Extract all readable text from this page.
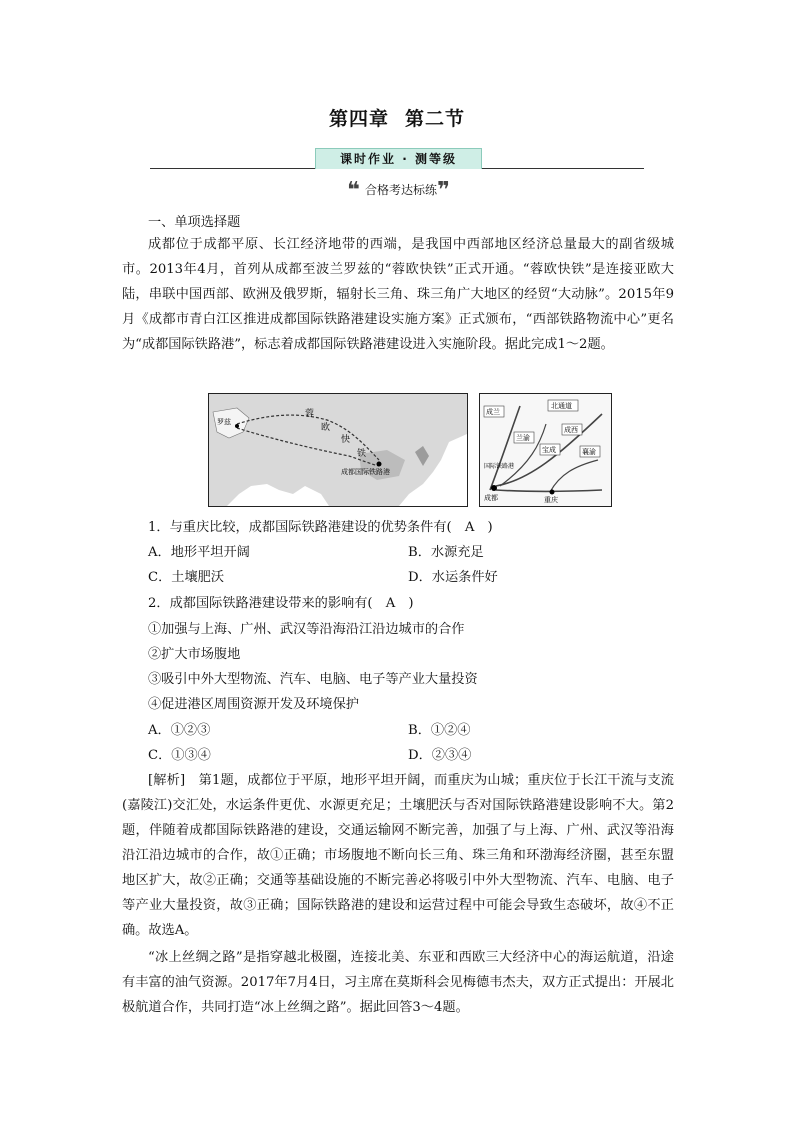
第四章 第二节
课时作业 · 测等级
❝ 合格考达标练❞
一、单项选择题

成都位于成都平原、长江经济地带的西端，是我国中西部地区经济总量最大的副省级城市。2013年4月，首列从成都至波兰罗兹的“蓉欧快铁”正式开通。“蓉欧快铁”是连接亚欧大陆，串联中国西部、欧洲及俄罗斯，辐射长三角、珠三角广大地区的经贸“大动脉”。2015年9月《成都市青白江区推进成都国际铁路港建设实施方案》正式颁布，“西部铁路物流中心”更名为“成都国际铁路港”，标志着成都国际铁路港建设进入实施阶段。据此完成1～2题。

蓉
欧
快
铁
成都国际铁路港
罗兹
成兰
北通道
兰渝
成西
宝成
国际铁路港
成都	重庆
襄渝
1．与重庆比较，成都国际铁路港建设的优势条件有(　A　)
A．地形平坦开阔	B．水源充足
C．土壤肥沃	D．水运条件好
2．成都国际铁路港建设带来的影响有(　A　)
①加强与上海、广州、武汉等沿海沿江沿边城市的合作
②扩大市场腹地
③吸引中外大型物流、汽车、电脑、电子等产业大量投资
④促进港区周围资源开发及环境保护
A．①②③	B．①②④
C．①③④	D．②③④

[解析]　第1题，成都位于平原，地形平坦开阔，而重庆为山城；重庆位于长江干流与支流(嘉陵江)交汇处，水运条件更优、水源更充足；土壤肥沃与否对国际铁路港建设影响不大。第2题，伴随着成都国际铁路港的建设，交通运输网不断完善，加强了与上海、广州、武汉等沿海沿江沿边城市的合作，故①正确；市场腹地不断向长三角、珠三角和环渤海经济圈，甚至东盟地区扩大，故②正确；交通等基础设施的不断完善必将吸引中外大型物流、汽车、电脑、电子等产业大量投资，故③正确；国际铁路港的建设和运营过程中可能会导致生态破坏，故④不正确。故选A。

“冰上丝绸之路”是指穿越北极圈，连接北美、东亚和西欧三大经济中心的海运航道，沿途有丰富的油气资源。2017年7月4日，习主席在莫斯科会见梅德韦杰夫，双方正式提出：开展北极航道合作，共同打造“冰上丝绸之路”。据此回答3～4题。
